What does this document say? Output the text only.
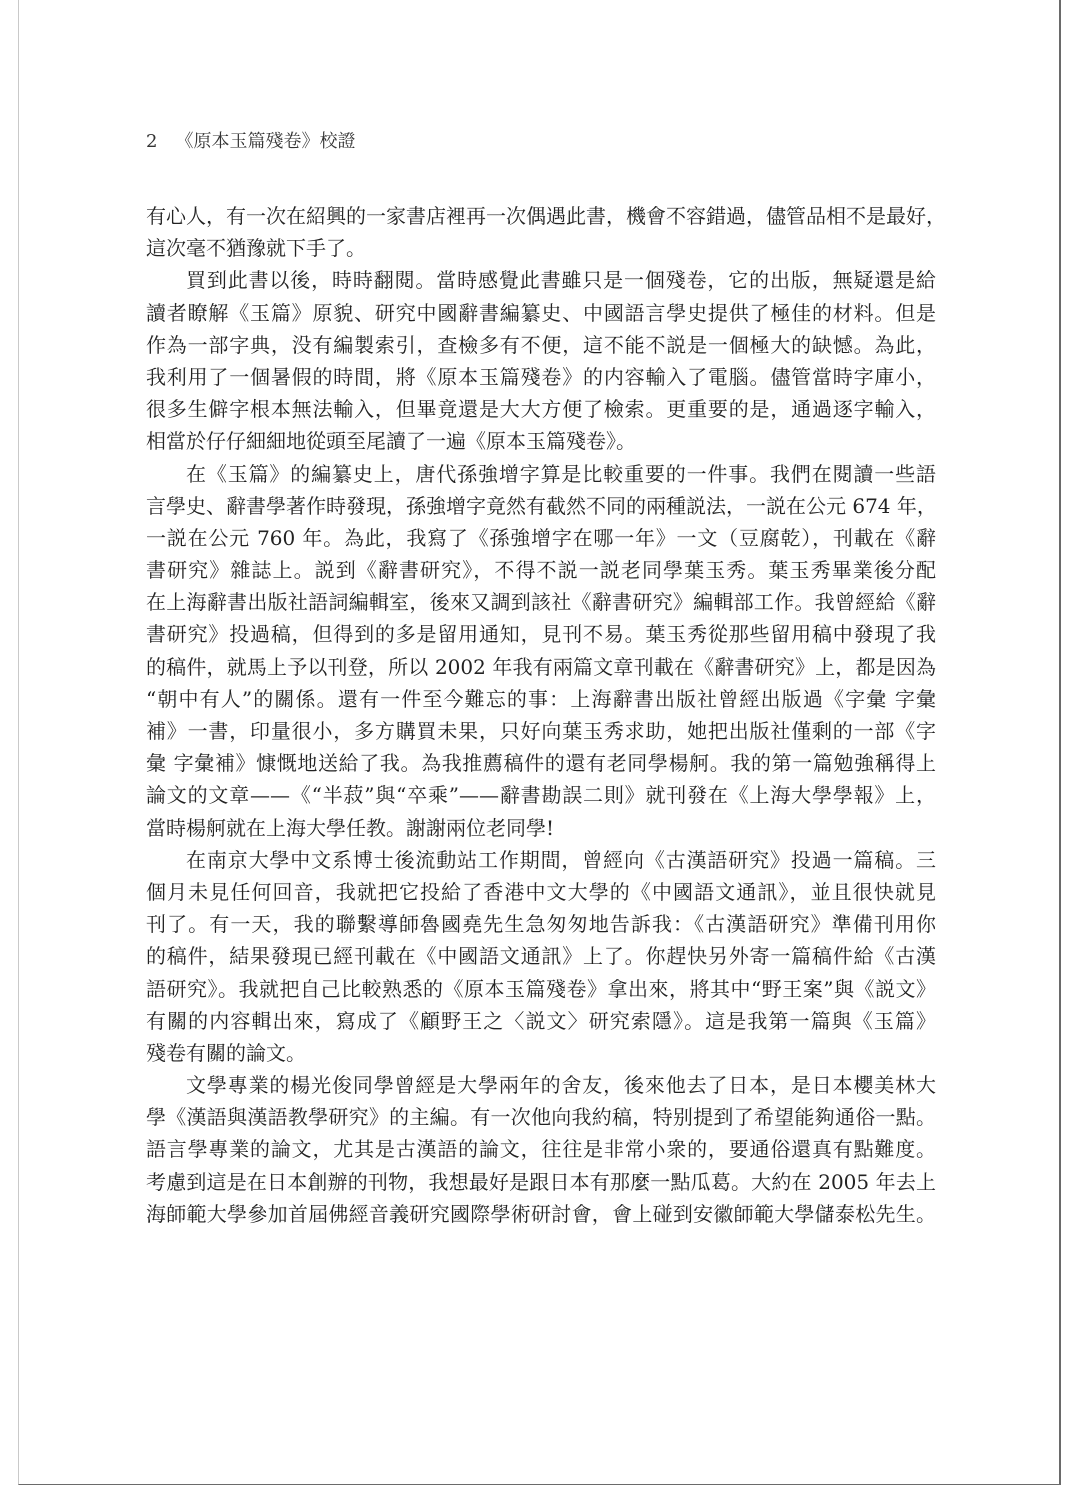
2 《原本玉篇殘卷》校證
有心人，有一次在紹興的一家書店裡再一次偶遇此書，機會不容錯過，儘管品相不是最好，
這次毫不猶豫就下手了。
買到此書以後，時時翻閱。當時感覺此書雖只是一個殘卷，它的出版，無疑還是給
讀者瞭解《玉篇》原貌、研究中國辭書編纂史、中國語言學史提供了極佳的材料。但是
作為一部字典，没有編製索引，查檢多有不便，這不能不説是一個極大的缺憾。為此，
我利用了一個暑假的時間，將《原本玉篇殘卷》的内容輸入了電腦。儘管當時字庫小，
很多生僻字根本無法輸入，但畢竟還是大大方便了檢索。更重要的是，通過逐字輸入，
相當於仔仔細細地從頭至尾讀了一遍《原本玉篇殘卷》。
在《玉篇》的編纂史上，唐代孫強增字算是比較重要的一件事。我們在閱讀一些語
言學史、辭書學著作時發現，孫強增字竟然有截然不同的兩種説法，一説在公元 674 年，
一説在公元 760 年。為此，我寫了《孫強增字在哪一年》一文（豆腐乾），刊載在《辭
書研究》雜誌上。説到《辭書研究》，不得不説一説老同學葉玉秀。葉玉秀畢業後分配
在上海辭書出版社語詞編輯室，後來又調到該社《辭書研究》編輯部工作。我曾經給《辭
書研究》投過稿，但得到的多是留用通知，見刊不易。葉玉秀從那些留用稿中發現了我
的稿件，就馬上予以刊登，所以 2002 年我有兩篇文章刊載在《辭書研究》上，都是因為
“朝中有人”的關係。還有一件至今難忘的事：上海辭書出版社曾經出版過《字彙 字彙
補》一書，印量很小，多方購買未果，只好向葉玉秀求助，她把出版社僅剩的一部《字
彙 字彙補》慷慨地送給了我。為我推薦稿件的還有老同學楊舸。我的第一篇勉強稱得上
論文的文章——《“半菽”與“卒乘”——辭書勘誤二則》就刊發在《上海大學學報》上，
當時楊舸就在上海大學任教。謝謝兩位老同學!
在南京大學中文系博士後流動站工作期間，曾經向《古漢語研究》投過一篇稿。三
個月未見任何回音，我就把它投給了香港中文大學的《中國語文通訊》，並且很快就見
刊了。有一天，我的聯繫導師魯國堯先生急匆匆地告訴我：《古漢語研究》準備刊用你
的稿件，結果發現已經刊載在《中國語文通訊》上了。你趕快另外寄一篇稿件給《古漢
語研究》。我就把自己比較熟悉的《原本玉篇殘卷》拿出來，將其中“野王案”與《説文》
有關的内容輯出來，寫成了《顧野王之〈説文〉研究索隱》。這是我第一篇與《玉篇》
殘卷有關的論文。
文學專業的楊光俊同學曾經是大學兩年的舍友，後來他去了日本，是日本櫻美林大
學《漢語與漢語教學研究》的主編。有一次他向我約稿，特别提到了希望能夠通俗一點。
語言學專業的論文，尤其是古漢語的論文，往往是非常小衆的，要通俗還真有點難度。
考慮到這是在日本創辦的刊物，我想最好是跟日本有那麼一點瓜葛。大約在 2005 年去上
海師範大學參加首屆佛經音義研究國際學術研討會，會上碰到安徽師範大學儲泰松先生。
